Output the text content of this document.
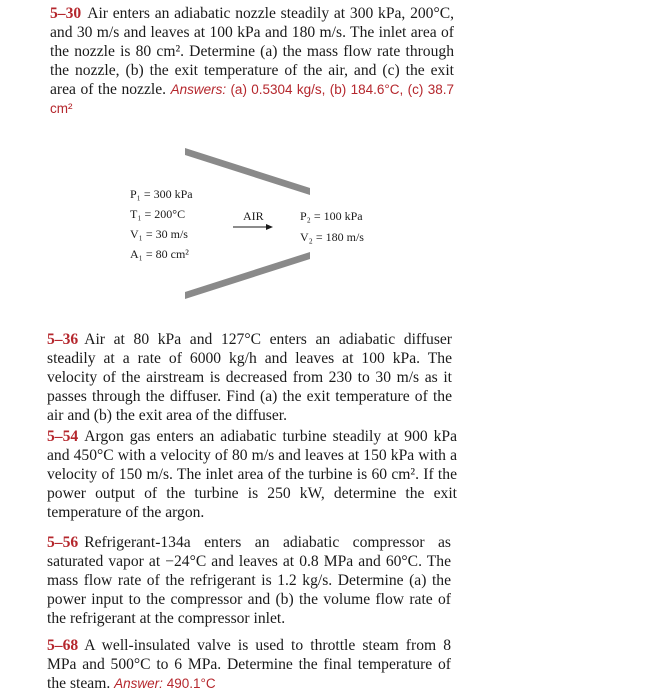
5–30 Air enters an adiabatic nozzle steadily at 300 kPa, 200°C, and 30 m/s and leaves at 100 kPa and 180 m/s. The inlet area of the nozzle is 80 cm². Determine (a) the mass flow rate through the nozzle, (b) the exit temperature of the air, and (c) the exit area of the nozzle. Answers: (a) 0.5304 kg/s, (b) 184.6°C, (c) 38.7 cm²

P₁ = 300 kPa
T₁ = 200°C
V₁ = 30 m/s
A₁ = 80 cm²
AIR	P₂ = 100 kPa
V₂ = 180 m/s

5–36 Air at 80 kPa and 127°C enters an adiabatic diffuser steadily at a rate of 6000 kg/h and leaves at 100 kPa. The velocity of the airstream is decreased from 230 to 30 m/s as it passes through the diffuser. Find (a) the exit temperature of the air and (b) the exit area of the diffuser.

5–54 Argon gas enters an adiabatic turbine steadily at 900 kPa and 450°C with a velocity of 80 m/s and leaves at 150 kPa with a velocity of 150 m/s. The inlet area of the turbine is 60 cm². If the power output of the turbine is 250 kW, determine the exit temperature of the argon.

5–56 Refrigerant-134a enters an adiabatic compressor as saturated vapor at −24°C and leaves at 0.8 MPa and 60°C. The mass flow rate of the refrigerant is 1.2 kg/s. Determine (a) the power input to the compressor and (b) the volume flow rate of the refrigerant at the compressor inlet.

5–68 A well-insulated valve is used to throttle steam from 8 MPa and 500°C to 6 MPa. Determine the final temperature of the steam. Answer: 490.1°C
